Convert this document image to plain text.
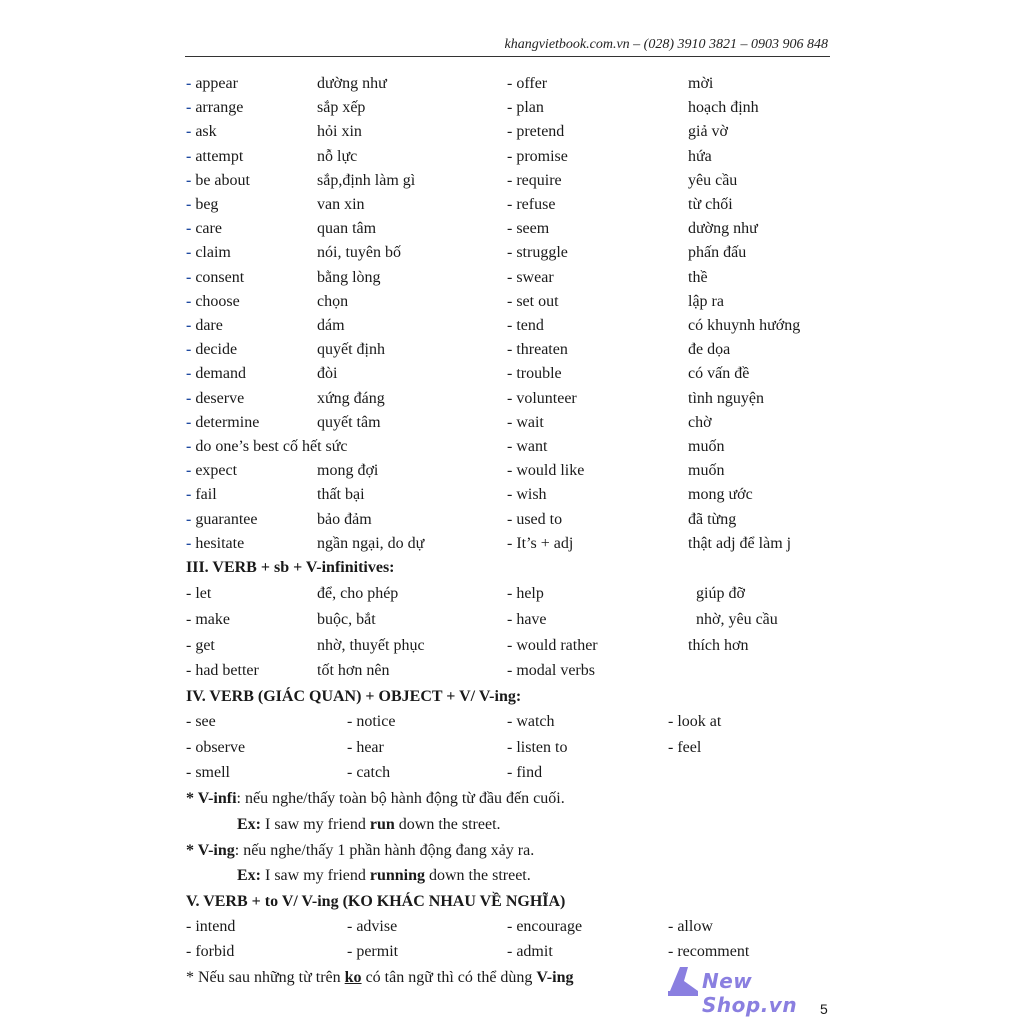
khangvietbook.com.vn – (028) 3910 3821 – 0903 906 848
- appear	dường như	- offer	mời
- arrange	sắp xếp	- plan	hoạch định
- ask	hỏi xin	- pretend	giả vờ
- attempt	nỗ lực	- promise	hứa
- be about	sắp,định làm gì	- require	yêu cầu
- beg	van xin	- refuse	từ chối
- care	quan tâm	- seem	dường như
- claim	nói, tuyên bố	- struggle	phấn đấu
- consent	bằng lòng	- swear	thề
- choose	chọn	- set out	lập ra
- dare	dám	- tend	có khuynh hướng
- decide	quyết định	- threaten	đe dọa
- demand	đòi	- trouble	có vấn đề
- deserve	xứng đáng	- volunteer	tình nguyện
- determine	quyết tâm	- wait	chờ
- do one’s best cố hết sức	- want	muốn
- expect	mong đợi	- would like	muốn
- fail	thất bại	- wish	mong ước
- guarantee	bảo đảm	- used to	đã từng
- hesitate	ngần ngại, do dự	- It’s + adj	thật adj để làm j
III. VERB + sb + V-infinitives:
- let	để, cho phép	- help	giúp đỡ
- make	buộc, bắt	- have	nhờ, yêu cầu
- get	nhờ, thuyết phục	- would rather	thích hơn
- had better	tốt hơn nên	- modal verbs
IV. VERB (GIÁC QUAN) + OBJECT + V/ V-ing:
- see	- notice	- watch	- look at
- observe	- hear	- listen to	- feel
- smell	- catch	- find
* V-infi: nếu nghe/thấy toàn bộ hành động từ đầu đến cuối.
Ex: I saw my friend run down the street.
* V-ing: nếu nghe/thấy 1 phần hành động đang xảy ra.
Ex: I saw my friend running down the street.
V. VERB + to V/ V-ing (KO KHÁC NHAU VỀ NGHĨA)
- intend	- advise	- encourage	- allow
- forbid	- permit	- admit	- recomment
* Nếu sau những từ trên ko có tân ngữ thì có thể dùng V-ing	New Shop.vn	5
